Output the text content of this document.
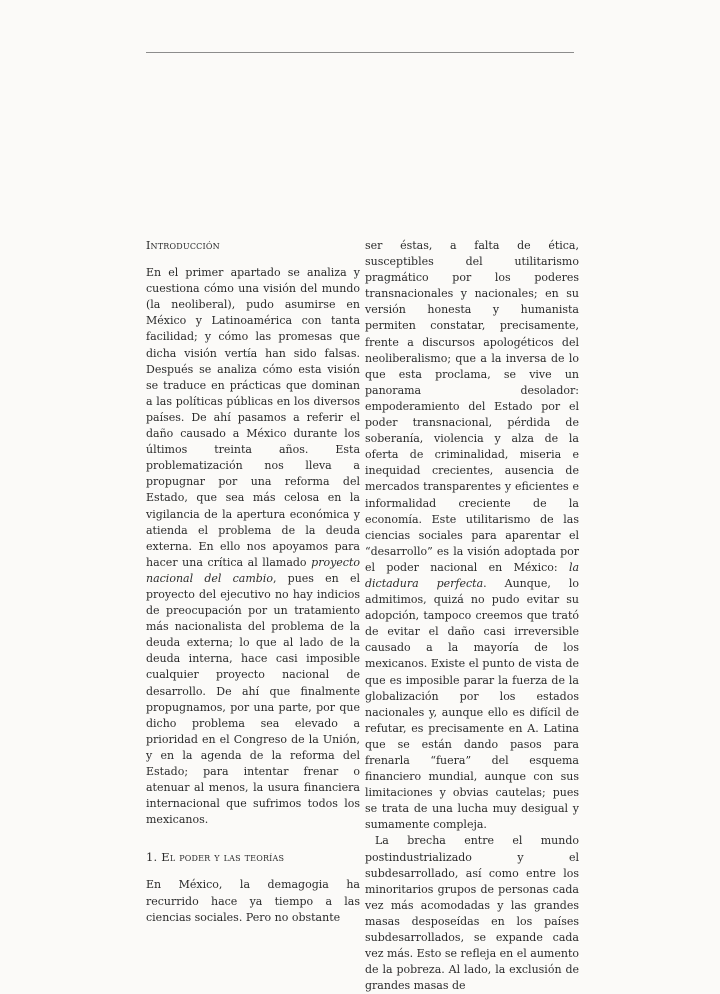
Introducción

En el primer apartado se analiza y cuestiona cómo una visión del mundo (la neoliberal), pudo asumirse en México y Latinoamérica con tanta facilidad; y cómo las promesas que dicha visión vertía han sido falsas. Después se analiza cómo esta visión se traduce en prácticas que dominan a las políticas públicas en los diversos países. De ahí pasamos a referir el daño causado a México durante los últimos treinta años. Esta problematización nos lleva a propugnar por una reforma del Estado, que sea más celosa en la vigilancia de la apertura económica y atienda el problema de la deuda externa. En ello nos apoyamos para hacer una crítica al llamado proyecto nacional del cambio, pues en el proyecto del ejecutivo no hay indicios de preocupación por un tratamiento más nacionalista del problema de la deuda externa; lo que al lado de la deuda interna, hace casi imposible cualquier proyecto nacional de desarrollo. De ahí que finalmente propugnamos, por una parte, por que dicho problema sea elevado a prioridad en el Congreso de la Unión, y en la agenda de la reforma del Estado; para intentar frenar o atenuar al menos, la usura financiera internacional que sufrimos todos los mexicanos.

1. El poder y las teorías

En México, la demagogia ha recurrido hace ya tiempo a las ciencias sociales. Pero no obstante

ser éstas, a falta de ética, susceptibles del utilitarismo pragmático por los poderes transnacionales y nacionales; en su versión honesta y humanista permiten constatar, precisamente, frente a discursos apologéticos del neoliberalismo; que a la inversa de lo que esta proclama, se vive un panorama desolador: empoderamiento del Estado por el poder transnacional, pérdida de soberanía, violencia y alza de la oferta de criminalidad, miseria e inequidad crecientes, ausencia de mercados transparentes y eficientes e informalidad creciente de la economía. Este utilitarismo de las ciencias sociales para aparentar el “desarrollo” es la visión adoptada por el poder nacional en México: la dictadura perfecta. Aunque, lo admitimos, quizá no pudo evitar su adopción, tampoco creemos que trató de evitar el daño casi irreversible causado a la mayoría de los mexicanos. Existe el punto de vista de que es imposible parar la fuerza de la globalización por los estados nacionales y, aunque ello es difícil de refutar, es precisamente en A. Latina que se están dando pasos para frenarla “fuera” del esquema financiero mundial, aunque con sus limitaciones y obvias cautelas; pues se trata de una lucha muy desigual y sumamente compleja.

La brecha entre el mundo postindustrializado y el subdesarrollado, así como entre los minoritarios grupos de personas cada vez más acomodadas y las grandes masas desposeídas en los países subdesarrollados, se expande cada vez más. Esto se refleja en el aumento de la pobreza. Al lado, la exclusión de grandes masas de
